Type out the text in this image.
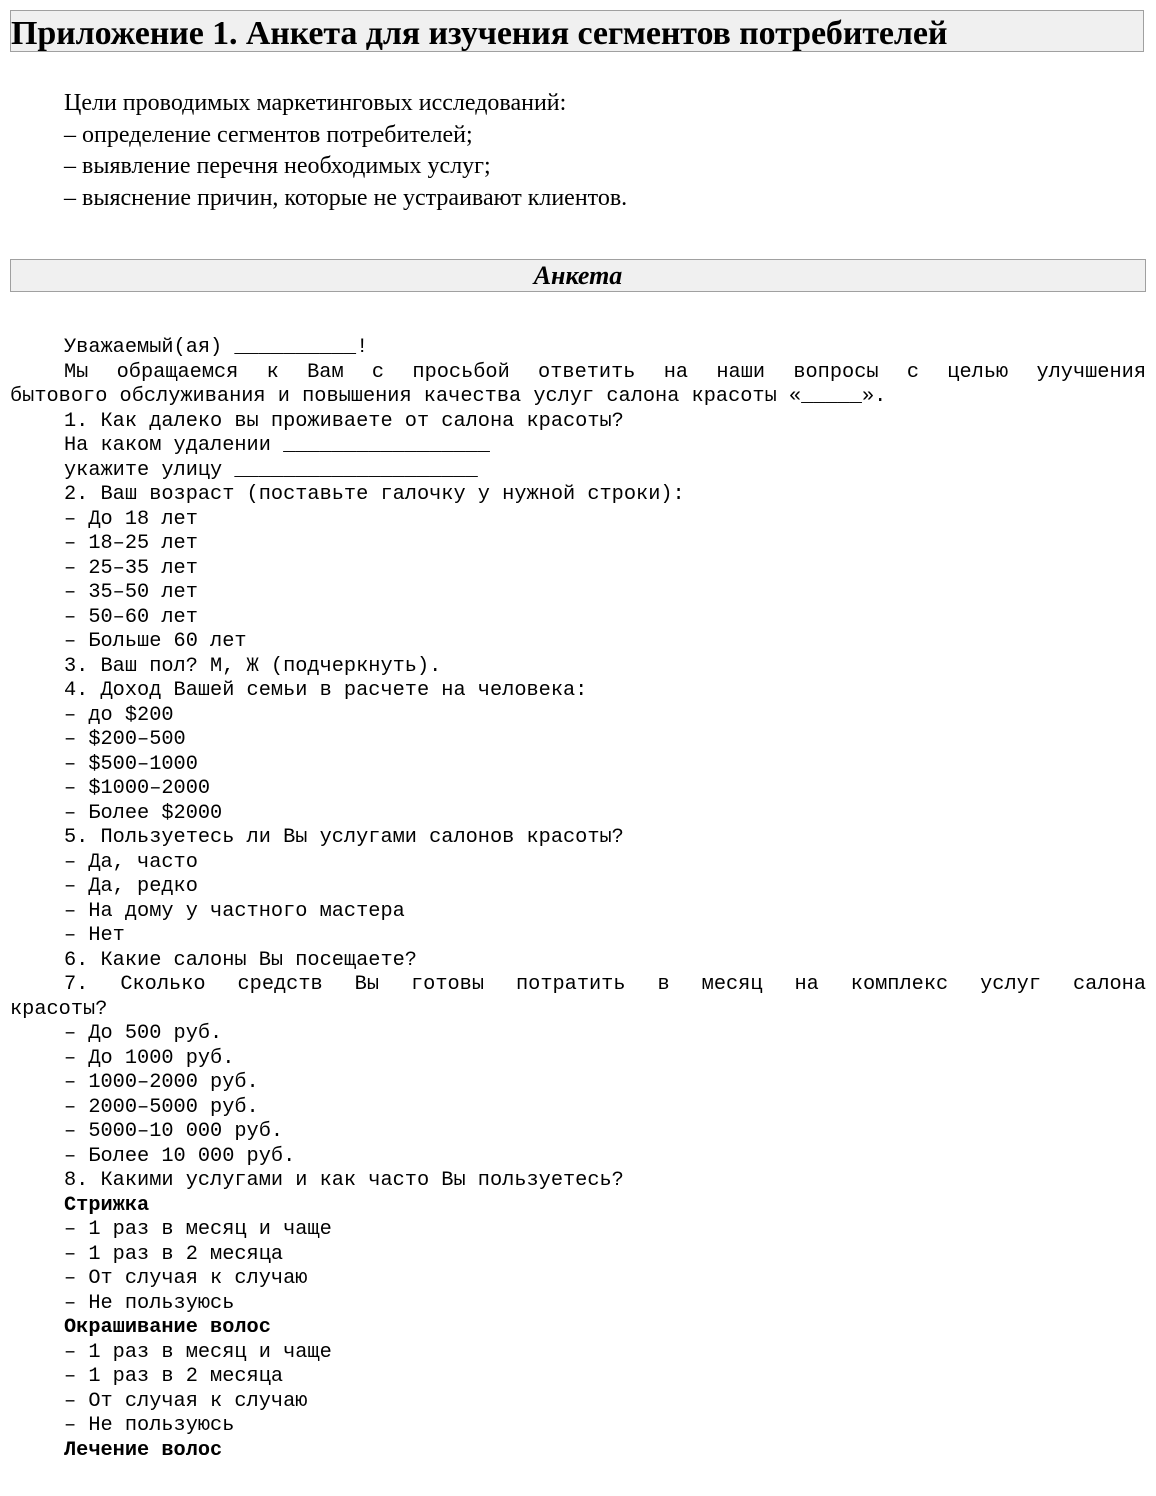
Приложение 1. Анкета для изучения сегментов потребителей
Цели проводимых маркетинговых исследований:
– определение сегментов потребителей;
– выявление перечня необходимых услуг;
– выяснение причин, которые не устраивают клиентов.
Анкета
Уважаемый(ая) __________!
Мы обращаемся к Вам с просьбой ответить на наши вопросы с целью улучшения
бытового обслуживания и повышения качества услуг салона красоты «_____».
1. Как далеко вы проживаете от салона красоты?
На каком удалении _________________
укажите улицу ____________________
2. Ваш возраст (поставьте галочку у нужной строки):
– До 18 лет
– 18–25 лет
– 25–35 лет
– 35–50 лет
– 50–60 лет
– Больше 60 лет
3. Ваш пол? М, Ж (подчеркнуть).
4. Доход Вашей семьи в расчете на человека:
– до $200
– $200–500
– $500–1000
– $1000–2000
– Более $2000
5. Пользуетесь ли Вы услугами салонов красоты?
– Да, часто
– Да, редко
– На дому у частного мастера
– Нет
6. Какие салоны Вы посещаете?
7. Сколько средств Вы готовы потратить в месяц на комплекс услуг салона
красоты?
– До 500 руб.
– До 1000 руб.
– 1000–2000 руб.
– 2000–5000 руб.
– 5000–10 000 руб.
– Более 10 000 руб.
8. Какими услугами и как часто Вы пользуетесь?
Стрижка
– 1 раз в месяц и чаще
– 1 раз в 2 месяца
– От случая к случаю
– Не пользуюсь
Окрашивание волос
– 1 раз в месяц и чаще
– 1 раз в 2 месяца
– От случая к случаю
– Не пользуюсь
Лечение волос
